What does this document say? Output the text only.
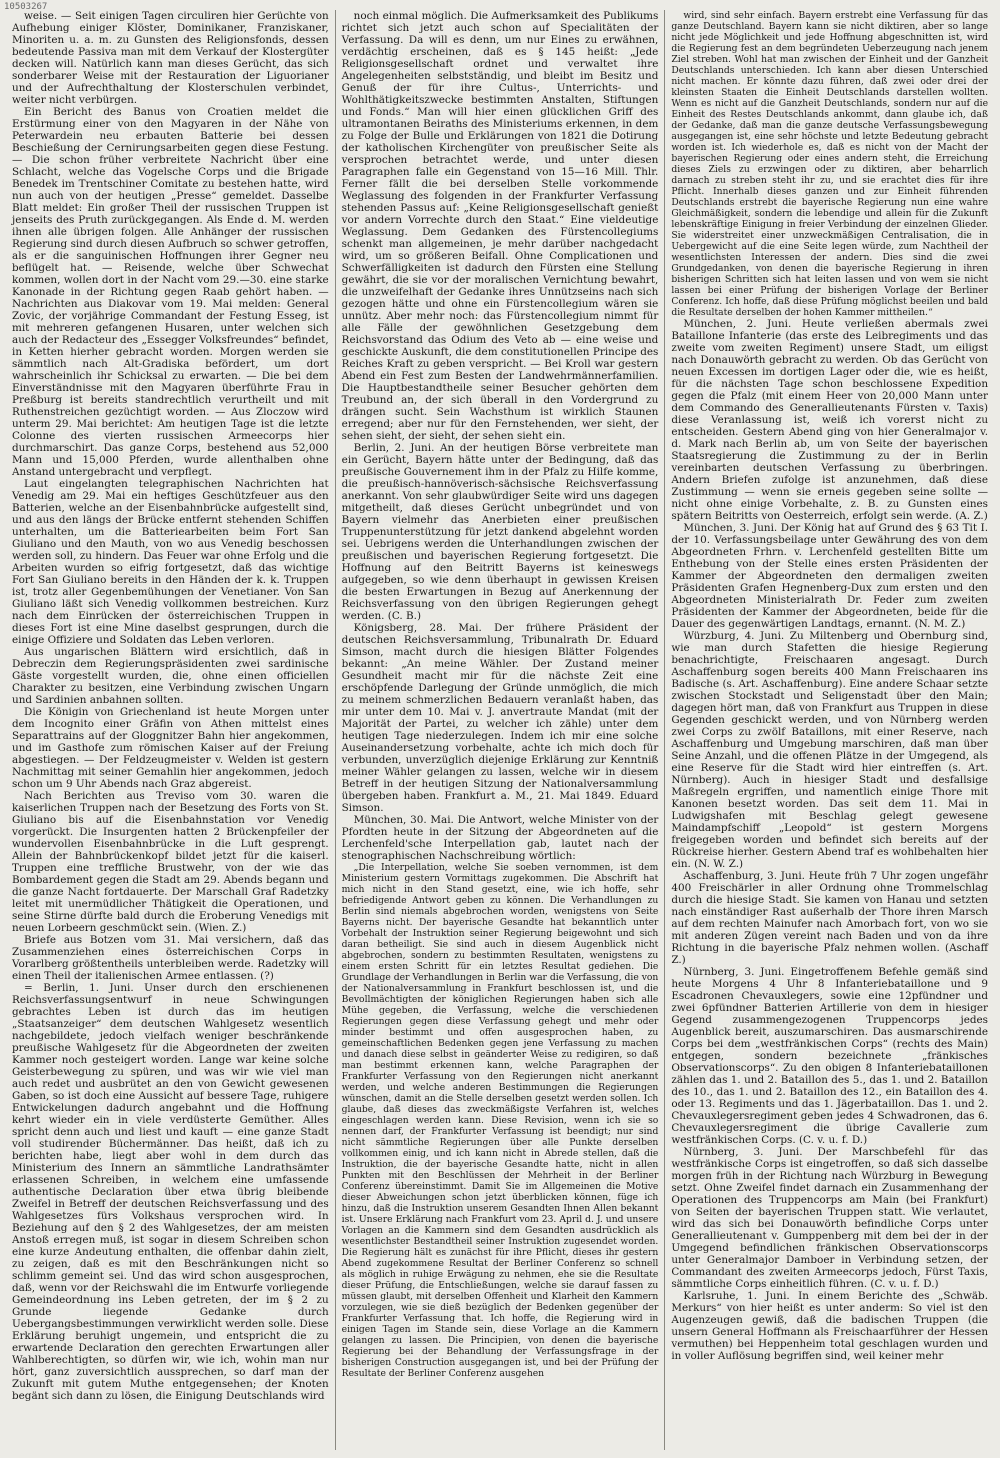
10503267

weise. — Seit einigen Tagen circuliren hier Gerüchte von Aufhebung einiger Klöster, Dominikaner, Franziskaner, Minoriten u. a. m. zu Gunsten des Religionsfonds, dessen bedeutende Passiva man mit dem Verkauf der Klostergüter decken will. Natürlich kann man dieses Gerücht, das sich sonderbarer Weise mit der Restauration der Liguorianer und der Aufrechthaltung der Klosterschulen verbindet, weiter nicht verbürgen.

Ein Bericht des Banus von Croatien meldet die Erstürmung einer von den Magyaren in der Nähe von Peterwardein neu erbauten Batterie bei dessen Beschießung der Cernirungsarbeiten gegen diese Festung. — Die schon früher verbreitete Nachricht über eine Schlacht, welche das Vogelsche Corps und die Brigade Benedek im Trentschiner Comitate zu bestehen hatte, wird nun auch von der heutigen „Presse“ gemeldet. Dasselbe Blatt meldet: Ein großer Theil der russischen Truppen ist jenseits des Pruth zurückgegangen. Als Ende d. M. werden ihnen alle übrigen folgen. Alle Anhänger der russischen Regierung sind durch diesen Aufbruch so schwer getroffen, als er die sanguinischen Hoffnungen ihrer Gegner neu beflügelt hat. — Reisende, welche über Schwechat kommen, wollen dort in der Nacht vom 29.—30. eine starke Kanonade in der Richtung gegen Raab gehört haben. — Nachrichten aus Diakovar vom 19. Mai melden: General Zovic, der vorjährige Commandant der Festung Esseg, ist mit mehreren gefangenen Husaren, unter welchen sich auch der Redacteur des „Essegger Volksfreundes“ befindet, in Ketten hierher gebracht worden. Morgen werden sie sämmtlich nach Alt-Gradiska befördert, um dort wahrscheinlich ihr Schicksal zu erwarten. — Die bei dem Einverständnisse mit den Magyaren überführte Frau in Preßburg ist bereits standrechtlich verurtheilt und mit Ruthenstreichen gezüchtigt worden. — Aus Zloczow wird unterm 29. Mai berichtet: Am heutigen Tage ist die letzte Colonne des vierten russischen Armeecorps hier durchmarschirt. Das ganze Corps, bestehend aus 52,000 Mann und 15,000 Pferden, wurde allenthalben ohne Anstand untergebracht und verpflegt.

Laut eingelangten telegraphischen Nachrichten hat Venedig am 29. Mai ein heftiges Geschützfeuer aus den Batterien, welche an der Eisenbahnbrücke aufgestellt sind, und aus den längs der Brücke entfernt stehenden Schiffen unterhalten, um die Batteriearbeiten beim Fort San Giuliano und den Mauth, von wo aus Venedig beschossen werden soll, zu hindern. Das Feuer war ohne Erfolg und die Arbeiten wurden so eifrig fortgesetzt, daß das wichtige Fort San Giuliano bereits in den Händen der k. k. Truppen ist, trotz aller Gegenbemühungen der Venetianer. Von San Giuliano läßt sich Venedig vollkommen bestreichen. Kurz nach dem Einrücken der österreichischen Truppen in dieses Fort ist eine Mine daselbst gesprungen, durch die einige Offiziere und Soldaten das Leben verloren.

Aus ungarischen Blättern wird ersichtlich, daß in Debreczin dem Regierungspräsidenten zwei sardinische Gäste vorgestellt wurden, die, ohne einen officiellen Charakter zu besitzen, eine Verbindung zwischen Ungarn und Sardinien anbahnen sollten.

Die Königin von Griechenland ist heute Morgen unter dem Incognito einer Gräfin von Athen mittelst eines Separattrains auf der Gloggnitzer Bahn hier angekommen, und im Gasthofe zum römischen Kaiser auf der Freiung abgestiegen. — Der Feldzeugmeister v. Welden ist gestern Nachmittag mit seiner Gemahlin hier angekommen, jedoch schon um 9 Uhr Abends nach Graz abgereist.

Nach Berichten aus Treviso vom 30. waren die kaiserlichen Truppen nach der Besetzung des Forts von St. Giuliano bis auf die Eisenbahnstation vor Venedig vorgerückt. Die Insurgenten hatten 2 Brückenpfeiler der wundervollen Eisenbahnbrücke in die Luft gesprengt. Allein der Bahnbrückenkopf bildet jetzt für die kaiserl. Truppen eine treffliche Brustwehr, von der wie das Bombardement gegen die Stadt am 29. Abends begann und die ganze Nacht fortdauerte. Der Marschall Graf Radetzky leitet mit unermüdlicher Thätigkeit die Operationen, und seine Stirne dürfte bald durch die Eroberung Venedigs mit neuen Lorbeern geschmückt sein. (Wien. Z.)

Briefe aus Botzen vom 31. Mai versichern, daß das Zusammenziehen eines österreichischen Corps in Vorarlberg größtentheils unterbleiben werde. Radetzky will einen Theil der italienischen Armee entlassen. (?)

= Berlin, 1. Juni. Unser durch den erschienenen Reichsverfassungsentwurf in neue Schwingungen gebrachtes Leben ist durch das im heutigen „Staatsanzeiger“ dem deutschen Wahlgesetz wesentlich nachgebildete, jedoch vielfach weniger beschränkende preußische Wahlgesetz für die Abgeordneten der zweiten Kammer noch gesteigert worden. Lange war keine solche Geisterbewegung zu spüren, und was wir wie viel man auch redet und ausbrütet an den von Gewicht gewesenen Gaben, so ist doch eine Aussicht auf bessere Tage, ruhigere Entwickelungen dadurch angebahnt und die Hoffnung kehrt wieder ein in viele verdüsterte Gemüther. Alles spricht denn auch und liest und kauft — eine ganze Stadt voll studirender Büchermänner. Das heißt, daß ich zu berichten habe, liegt aber wohl in dem durch das Ministerium des Innern an sämmtliche Landrathsämter erlassenen Schreiben, in welchem eine umfassende authentische Declaration über etwa übrig bleibende Zweifel in Betreff der deutschen Reichsverfassung und des Wahlgesetzes fürs Volkshaus versprochen wird. In Beziehung auf den § 2 des Wahlgesetzes, der am meisten Anstoß erregen muß, ist sogar in diesem Schreiben schon eine kurze Andeutung enthalten, die offenbar dahin zielt, zu zeigen, daß es mit den Beschränkungen nicht so schlimm gemeint sei. Und das wird schon ausgesprochen, daß, wenn vor der Reichswahl die im Entwurfe vorliegende Gemeindeordnung ins Leben getreten, der im § 2 zu Grunde liegende Gedanke durch Uebergangsbestimmungen verwirklicht werden solle. Diese Erklärung beruhigt ungemein, und entspricht die zu erwartende Declaration den gerechten Erwartungen aller Wahlberechtigten, so dürfen wir, wie ich, wohin man nur hört, ganz zuversichtlich aussprechen, so darf man der Zukunft mit gutem Muthe entgegensehen; der Knoten begänt sich dann zu lösen, die Einigung Deutschlands wird

noch einmal möglich. Die Aufmerksamkeit des Publikums richtet sich jetzt auch schon auf Specialitäten der Verfassung. Da will es denn, um nur Eines zu erwähnen, verdächtig erscheinen, daß es § 145 heißt: „Jede Religionsgesellschaft ordnet und verwaltet ihre Angelegenheiten selbstständig, und bleibt im Besitz und Genuß der für ihre Cultus-, Unterrichts- und Wohlthätigkeitszwecke bestimmten Anstalten, Stiftungen und Fonds.“ Man will hier einen glücklichen Griff des ultramontanen Beiraths des Ministeriums erkennen, in dem zu Folge der Bulle und Erklärungen von 1821 die Dotirung der katholischen Kirchengüter von preußischer Seite als versprochen betrachtet werde, und unter diesen Paragraphen falle ein Gegenstand von 15—16 Mill. Thlr. Ferner fällt die bei derselben Stelle vorkommende Weglassung des folgenden in der Frankfurter Verfassung stehenden Passus auf: „Keine Religionsgesellschaft genießt vor andern Vorrechte durch den Staat.“ Eine vieldeutige Weglassung. Dem Gedanken des Fürstencollegiums schenkt man allgemeinen, je mehr darüber nachgedacht wird, um so größeren Beifall. Ohne Complicationen und Schwerfälligkeiten ist dadurch den Fürsten eine Stellung gewährt, die sie vor der moralischen Vernichtung bewahrt, die unzweifelhaft der Gedanke ihres Unnützseins nach sich gezogen hätte und ohne ein Fürstencollegium wären sie unnütz. Aber mehr noch: das Fürstencollegium nimmt für alle Fälle der gewöhnlichen Gesetzgebung dem Reichsvorstand das Odium des Veto ab — eine weise und geschickte Auskunft, die dem constitutionellen Principe des Reiches Kraft zu geben verspricht. — Bei Kroll war gestern Abend ein Fest zum Besten der Landwehrmännerfamilien. Die Hauptbestandtheile seiner Besucher gehörten dem Treubund an, der sich überall in den Vordergrund zu drängen sucht. Sein Wachsthum ist wirklich Staunen erregend; aber nur für den Fernstehenden, wer sieht, der sehen sieht, der sieht, der sehen sieht ein.

Berlin, 2. Juni. An der heutigen Börse verbreitete man ein Gerücht, Bayern hätte unter der Bedingung, daß das preußische Gouvernement ihm in der Pfalz zu Hilfe komme, die preußisch-hannöverisch-sächsische Reichsverfassung anerkannt. Von sehr glaubwürdiger Seite wird uns dagegen mitgetheilt, daß dieses Gerücht unbegründet und von Bayern vielmehr das Anerbieten einer preußischen Truppenunterstützung für jetzt dankend abgelehnt worden sei. Uebrigens werden die Unterhandlungen zwischen der preußischen und bayerischen Regierung fortgesetzt. Die Hoffnung auf den Beitritt Bayerns ist keineswegs aufgegeben, so wie denn überhaupt in gewissen Kreisen die besten Erwartungen in Bezug auf Anerkennung der Reichsverfassung von den übrigen Regierungen gehegt werden. (C. B.)

Königsberg, 28. Mai. Der frühere Präsident der deutschen Reichsversammlung, Tribunalrath Dr. Eduard Simson, macht durch die hiesigen Blätter Folgendes bekannt: „An meine Wähler. Der Zustand meiner Gesundheit macht mir für die nächste Zeit eine erschöpfende Darlegung der Gründe unmöglich, die mich zu meinem schmerzlichen Bedauern veranlaßt haben, das mir unter dem 10. Mai v. J. anvertraute Mandat (mit der Majorität der Partei, zu welcher ich zähle) unter dem heutigen Tage niederzulegen. Indem ich mir eine solche Auseinandersetzung vorbehalte, achte ich mich doch für verbunden, unverzüglich diejenige Erklärung zur Kenntniß meiner Wähler gelangen zu lassen, welche wir in diesem Betreff in der heutigen Sitzung der Nationalversammlung übergeben haben. Frankfurt a. M., 21. Mai 1849. Eduard Simson.

München, 30. Mai. Die Antwort, welche Minister von der Pfordten heute in der Sitzung der Abgeordneten auf die Lerchenfeld'sche Interpellation gab, lautet nach der stenographischen Nachschreibung wörtlich:

„Die Interpellation, welche Sie soeben vernommen, ist dem Ministerium gestern Vormittags zugekommen. Die Abschrift hat mich nicht in den Stand gesetzt, eine, wie ich hoffe, sehr befriedigende Antwort geben zu können. Die Verhandlungen zu Berlin sind niemals abgebrochen worden, wenigstens von Seite Bayerns nicht. Der bayerische Gesandte hat bekanntlich unter Vorbehalt der Instruktion seiner Regierung beigewohnt und sich daran betheiligt. Sie sind auch in diesem Augenblick nicht abgebrochen, sondern zu bestimmten Resultaten, wenigstens zu einem ersten Schritt für ein letztes Resultat gediehen. Die Grundlage der Verhandlungen in Berlin war die Verfassung, die von der Nationalversammlung in Frankfurt beschlossen ist, und die Bevollmächtigten der königlichen Regierungen haben sich alle Mühe gegeben, die Verfassung, welche die verschiedenen Regierungen gegen diese Verfassung gehegt und mehr oder minder bestimmt und offen ausgesprochen haben, zu gemeinschaftlichen Bedenken gegen jene Verfassung zu machen und danach diese selbst in geänderter Weise zu redigiren, so daß man bestimmt erkennen kann, welche Paragraphen der Frankfurter Verfassung von den Regierungen nicht anerkannt werden, und welche anderen Bestimmungen die Regierungen wünschen, damit an die Stelle derselben gesetzt werden sollen. Ich glaube, daß dieses das zweckmäßigste Verfahren ist, welches eingeschlagen werden kann. Diese Revision, wenn ich sie so nennen darf, der Frankfurter Verfassung ist beendigt; nur sind nicht sämmtliche Regierungen über alle Punkte derselben vollkommen einig, und ich kann nicht in Abrede stellen, daß die Instruktion, die der bayerische Gesandte hatte, nicht in allen Punkten mit den Beschlüssen der Mehrheit in der Berliner Conferenz übereinstimmt. Damit Sie im Allgemeinen die Motive dieser Abweichungen schon jetzt überblicken können, füge ich hinzu, daß die Instruktion unserem Gesandten Ihnen Allen bekannt ist. Unsere Erklärung nach Frankfurt vom 23. April d. J. und unsere Vorlagen an die Kammern sind dem Gesandten ausdrücklich als wesentlichster Bestandtheil seiner Instruktion zugesendet worden. Die Regierung hält es zunächst für ihre Pflicht, dieses ihr gestern Abend zugekommene Resultat der Berliner Conferenz so schnell als möglich in ruhige Erwägung zu nehmen, ehe sie die Resultate dieser Prüfung, die Entschließungen, welche sie darauf fassen zu müssen glaubt, mit derselben Offenheit und Klarheit den Kammern vorzulegen, wie sie dieß bezüglich der Bedenken gegenüber der Frankfurter Verfassung that. Ich hoffe, die Regierung wird in einigen Tagen im Stande sein, diese Vorlage an die Kammern gelangen zu lassen. Die Principien, von denen die bayerische Regierung bei der Behandlung der Verfassungsfrage in der bisherigen Construction ausgegangen ist, und bei der Prüfung der Resultate der Berliner Conferenz ausgehen

wird, sind sehr einfach. Bayern erstrebt eine Verfassung für das ganze Deutschland. Bayern kann sie nicht diktiren, aber so lange nicht jede Möglichkeit und jede Hoffnung abgeschnitten ist, wird die Regierung fest an dem begründeten Ueberzeugung nach jenem Ziel streben. Wohl hat man zwischen der Einheit und der Ganzheit Deutschlands unterschieden. Ich kann aber diesen Unterschied nicht machen. Er könnte dazu führen, daß zwei oder drei der kleinsten Staaten die Einheit Deutschlands darstellen wollten. Wenn es nicht auf die Ganzheit Deutschlands, sondern nur auf die Einheit des Restes Deutschlands ankommt, dann glaube ich, daß der Gedanke, daß man die ganze deutsche Verfassungsbewegung ausgegangen ist, eine sehr höchste und letzte Bedeutung gebracht worden ist. Ich wiederhole es, daß es nicht von der Macht der bayerischen Regierung oder eines andern steht, die Erreichung dieses Ziels zu erzwingen oder zu diktiren, aber beharrlich darnach zu streben steht ihr zu, und sie erachtet dies für ihre Pflicht. Innerhalb dieses ganzen und zur Einheit führenden Deutschlands erstrebt die bayerische Regierung nun eine wahre Gleichmäßigkeit, sondern die lebendige und allein für die Zukunft lebenskräftige Einigung in freier Verbindung der einzelnen Glieder. Sie widerstreitet einer unzweckmäßigen Centralisation, die in Uebergewicht auf die eine Seite legen würde, zum Nachtheil der wesentlichsten Interessen der andern. Dies sind die zwei Grundgedanken, von denen die bayerische Regierung in ihren bisherigen Schritten sich hat leiten lassen und von wem sie nicht lassen bei einer Prüfung der bisherigen Vorlage der Berliner Conferenz. Ich hoffe, daß diese Prüfung möglichst beeilen und bald die Resultate derselben der hohen Kammer mittheilen.“

München, 2. Juni. Heute verließen abermals zwei Bataillone Infanterie (das erste des Leibregiments und das zweite vom zweiten Regiment) unsere Stadt, um eiligst nach Donauwörth gebracht zu werden. Ob das Gerücht von neuen Excessen im dortigen Lager oder die, wie es heißt, für die nächsten Tage schon beschlossene Expedition gegen die Pfalz (mit einem Heer von 20,000 Mann unter dem Commando des Generallieutenants Fürsten v. Taxis) diese Veranlassung ist, weiß ich vorerst nicht zu entscheiden. Gestern Abend ging von hier Generalmajor v. d. Mark nach Berlin ab, um von Seite der bayerischen Staatsregierung die Zustimmung zu der in Berlin vereinbarten deutschen Verfassung zu überbringen. Andern Briefen zufolge ist anzunehmen, daß diese Zustimmung — wenn sie erneis gegeben seine sollte — nicht ohne einige Vorbehalte, z. B. zu Gunsten eines spätern Beitritts von Oesterreich, erfolgt sein werde. (A. Z.)

München, 3. Juni. Der König hat auf Grund des § 63 Tit I. der 10. Verfassungsbeilage unter Gewährung des von dem Abgeordneten Frhrn. v. Lerchenfeld gestellten Bitte um Enthebung von der Stelle eines ersten Präsidenten der Kammer der Abgeordneten den dermaligen zweiten Präsidenten Grafen Hegnenberg-Dux zum ersten und den Abgeordneten Ministerialrath Dr. Feder zum zweiten Präsidenten der Kammer der Abgeordneten, beide für die Dauer des gegenwärtigen Landtags, ernannt. (N. M. Z.)

Würzburg, 4. Juni. Zu Miltenberg und Obernburg sind, wie man durch Stafetten die hiesige Regierung benachrichtigte, Freischaaren angesagt. Durch Aschaffenburg sogen bereits 400 Mann Freischaaren ins Badische (s. Art. Aschaffenburg). Eine andere Schaar setzte zwischen Stockstadt und Seligenstadt über den Main; dagegen hört man, daß von Frankfurt aus Truppen in diese Gegenden geschickt werden, und von Nürnberg werden zwei Corps zu zwölf Bataillons, mit einer Reserve, nach Aschaffenburg und Umgebung marschiren, daß man über Seine Anzahl, und die offenen Plätze in der Umgegend, als eine Reserve für die Stadt wird hier eintreffen (s. Art. Nürnberg). Auch in hiesiger Stadt und desfallsige Maßregeln ergriffen, und namentlich einige Thore mit Kanonen besetzt worden. Das seit dem 11. Mai in Ludwigshafen mit Beschlag gelegt gewesene Maindampfschiff „Leopold“ ist gestern Morgens freigegeben worden und befindet sich bereits auf der Rückreise hierher. Gestern Abend traf es wohlbehalten hier ein. (N. W. Z.)

Aschaffenburg, 3. Juni. Heute früh 7 Uhr zogen ungefähr 400 Freischärler in aller Ordnung ohne Trommelschlag durch die hiesige Stadt. Sie kamen von Hanau und setzten nach einständiger Rast außerhalb der Thore ihren Marsch auf dem rechten Mainufer nach Amorbach fort, von wo sie mit anderen Zügen vereint nach Baden und von da ihre Richtung in die bayerische Pfalz nehmen wollen. (Aschaff Z.)

Nürnberg, 3. Juni. Eingetroffenem Befehle gemäß sind heute Morgens 4 Uhr 8 Infanteriebataillone und 9 Escadronen Chevauxlegers, sowie eine 12pfündner und zwei 6pfündner Batterien Artillerie von dem in hiesiger Gegend zusammengezogenen Truppencorps jedes Augenblick bereit, auszumarschiren. Das ausmarschirende Corps bei dem „westfränkischen Corps“ (rechts des Main) entgegen, sondern bezeichnete „fränkisches Observationscorps“. Zu den obigen 8 Infanteriebataillonen zählen das 1. und 2. Bataillon des 5., das 1. und 2. Bataillon des 10., das 1. und 2. Bataillon des 12., ein Bataillon des 4. oder 13. Regiments und das 1. Jägerbataillon. Das 1. und 2. Chevauxlegersregiment geben jedes 4 Schwadronen, das 6. Chevauxlegersregiment die übrige Cavallerie zum westfränkischen Corps. (C. v. u. f. D.)

Nürnberg, 3. Juni. Der Marschbefehl für das westfränkische Corps ist eingetroffen, so daß sich dasselbe morgen früh in der Richtung nach Würzburg in Bewegung setzt. Ohne Zweifel findet darnach ein Zusammenhang der Operationen des Truppencorps am Main (bei Frankfurt) von Seiten der bayerischen Truppen statt. Wie verlautet, wird das sich bei Donauwörth befindliche Corps unter Generallieutenant v. Gumppenberg mit dem bei der in der Umgegend befindlichen fränkischen Observationscorps unter Generalmajor Damboer in Verbindung setzen, der Commandant des zweiten Armeecorps jedoch, Fürst Taxis, sämmtliche Corps einheitlich führen. (C. v. u. f. D.)

Karlsruhe, 1. Juni. In einem Berichte des „Schwäb. Merkurs“ von hier heißt es unter anderm: So viel ist den Augenzeugen gewiß, daß die badischen Truppen (die unsern General Hoffmann als Freischaarführer der Hessen vermuthen) bei Heppenheim total geschlagen wurden und in voller Auflösung begriffen sind, weil keiner mehr
